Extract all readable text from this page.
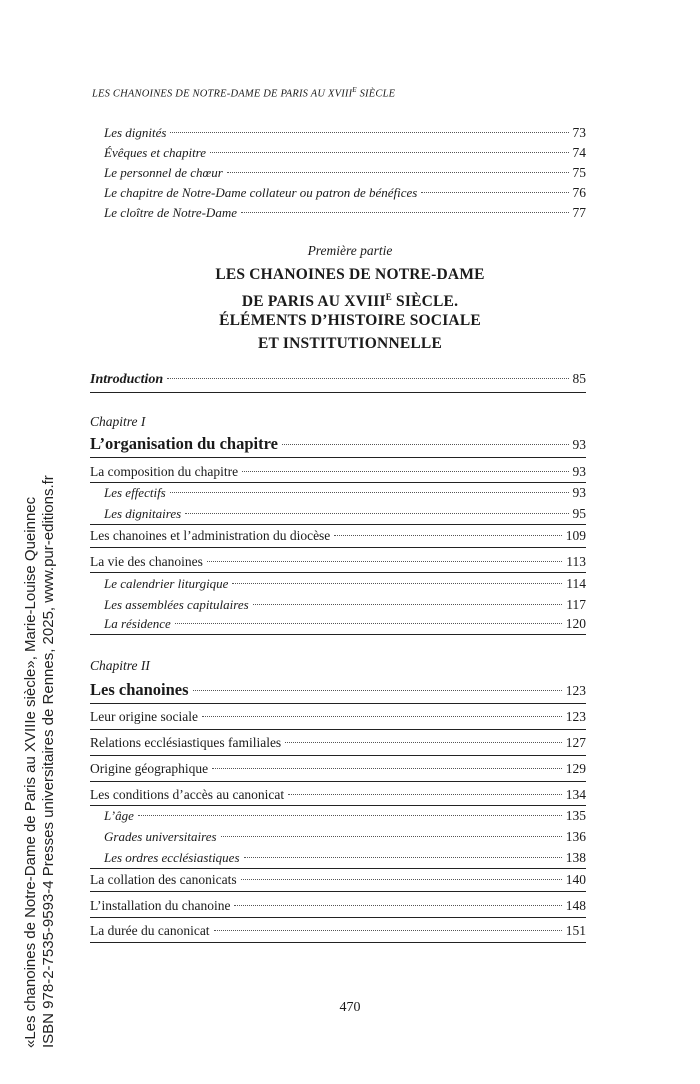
LES CHANOINES DE NOTRE-DAME DE PARIS AU $XVIII^E$ SIÈCLE
Les dignités	73
Évêques et chapitre	74
Le personnel de chœur	75
Le chapitre de Notre-Dame collateur ou patron de bénéfices	76
Le cloître de Notre-Dame	77
Première partie
LES CHANOINES DE NOTRE-DAME
DE PARIS AU $XVIII^E$ SIÈCLE.
ÉLÉMENTS D’HISTOIRE SOCIALE
ET INSTITUTIONNELLE
Introduction	85
Chapitre I
L’organisation du chapitre	93
La composition du chapitre	93
Les effectifs	93
Les dignitaires	95
Les chanoines et l’administration du diocèse	109
La vie des chanoines	113
Le calendrier liturgique	114
Les assemblées capitulaires	117
La résidence	120
Chapitre II
Les chanoines	123
Leur origine sociale	123
Relations ecclésiastiques familiales	127
Origine géographique	129
Les conditions d’accès au canonicat	134
L’âge	135
Grades universitaires	136
Les ordres ecclésiastiques	138
La collation des canonicats	140
L’installation du chanoine	148
La durée du canonicat	151
470
«Les chanoines de Notre-Dame de Paris au XVIIIe siècle», Marie-Louise Queinnec ISBN 978-2-7535-9593-4 Presses universitaires de Rennes, 2025, www.pur-editions.fr
